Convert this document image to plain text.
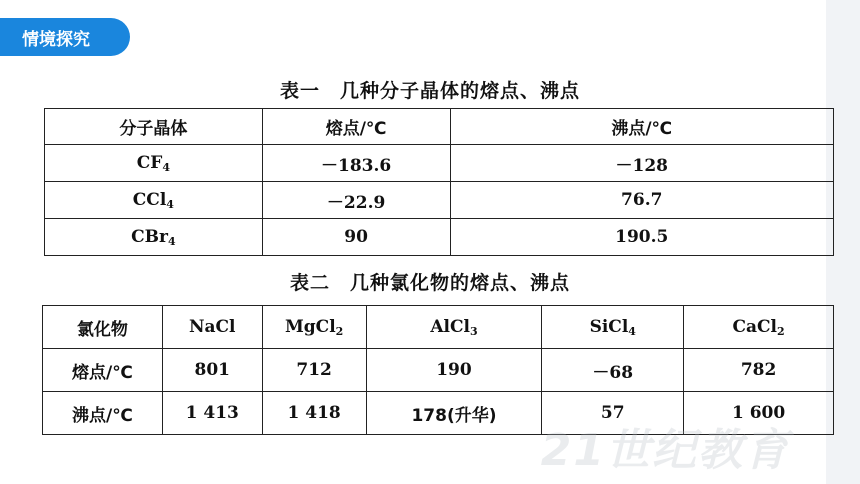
情境探究
表一　几种分子晶体的熔点、沸点
分子晶体	熔点/℃	沸点/℃
$CF_4$	－183.6	－128
CCl$_4$	－22.9	76.7
CBr$_4$	90	190.5
表二　几种氯化物的熔点、沸点
氯化物	NaCl	MgCl$_2$	AlCl$_3$	SiCl$_4$	CaCl$_2$
熔点/℃	801	712	190	－68	782
沸点/℃	1 413	1 418	178(升华)	57	1 600
21世纪教育
